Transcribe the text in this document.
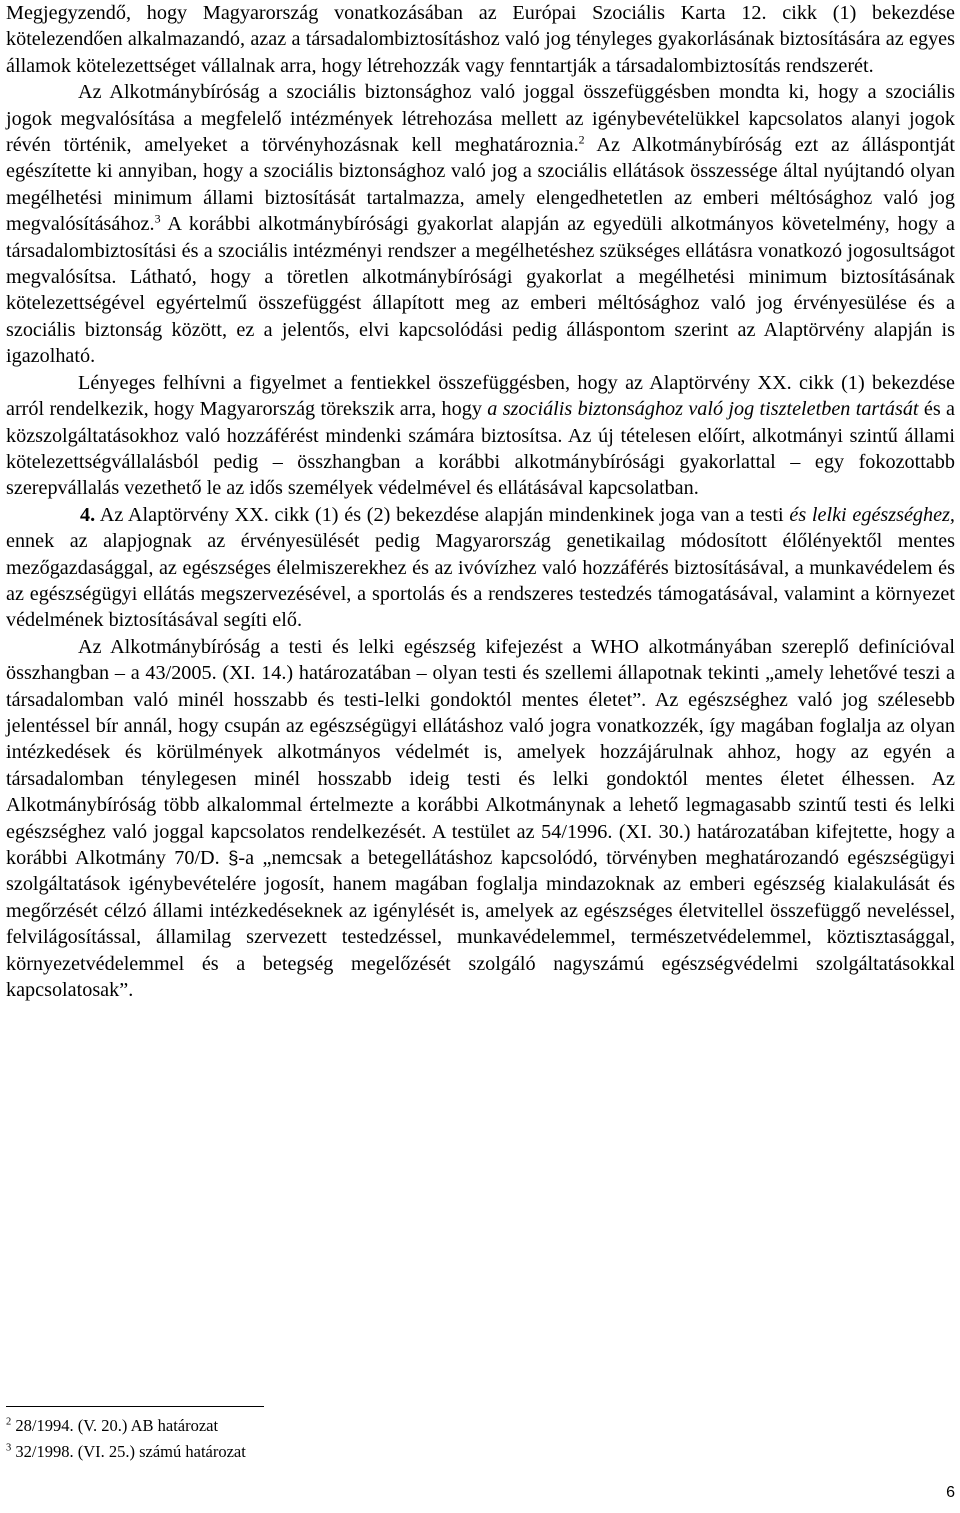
Megjegyzendő, hogy Magyarország vonatkozásában az Európai Szociális Karta 12. cikk (1) bekezdése kötelezendően alkalmazandó, azaz a társadalombiztosításhoz való jog tényleges gyakorlásának biztosítására az egyes államok kötelezettséget vállalnak arra, hogy létrehozzák vagy fenntartják a társadalombiztosítás rendszerét.

Az Alkotmánybíróság a szociális biztonsághoz való joggal összefüggésben mondta ki, hogy a szociális jogok megvalósítása a megfelelő intézmények létrehozása mellett az igénybevételükkel kapcsolatos alanyi jogok révén történik, amelyeket a törvényhozásnak kell meghatároznia.$^2$ Az Alkotmánybíróság ezt az álláspontját egészítette ki annyiban, hogy a szociális biztonsághoz való jog a szociális ellátások összessége által nyújtandó olyan megélhetési minimum állami biztosítását tartalmazza, amely elengedhetetlen az emberi méltósághoz való jog megvalósításához.$^3$ A korábbi alkotmánybírósági gyakorlat alapján az egyedüli alkotmányos követelmény, hogy a társadalombiztosítási és a szociális intézményi rendszer a megélhetéshez szükséges ellátásra vonatkozó jogosultságot megvalósítsa. Látható, hogy a töretlen alkotmánybírósági gyakorlat a megélhetési minimum biztosításának kötelezettségével egyértelmű összefüggést állapított meg az emberi méltósághoz való jog érvényesülése és a szociális biztonság között, ez a jelentős, elvi kapcsolódási pedig álláspontom szerint az Alaptörvény alapján is igazolható.

Lényeges felhívni a figyelmet a fentiekkel összefüggésben, hogy az Alaptörvény XX. cikk (1) bekezdése arról rendelkezik, hogy Magyarország törekszik arra, hogy a szociális biztonsághoz való jog tiszteletben tartását és a közszolgáltatásokhoz való hozzáférést mindenki számára biztosítsa. Az új tételesen előírt, alkotmányi szintű állami kötelezettségvállalásból pedig – összhangban a korábbi alkotmánybírósági gyakorlattal – egy fokozottabb szerepvállalás vezethető le az idős személyek védelmével és ellátásával kapcsolatban.

4. Az Alaptörvény XX. cikk (1) és (2) bekezdése alapján mindenkinek joga van a testi és lelki egészséghez, ennek az alapjognak az érvényesülését pedig Magyarország genetikailag módosított élőlényektől mentes mezőgazdasággal, az egészséges élelmiszerekhez és az ivóvízhez való hozzáférés biztosításával, a munkavédelem és az egészségügyi ellátás megszervezésével, a sportolás és a rendszeres testedzés támogatásával, valamint a környezet védelmének biztosításával segíti elő.

Az Alkotmánybíróság a testi és lelki egészség kifejezést a WHO alkotmányában szereplő definícióval összhangban – a 43/2005. (XI. 14.) határozatában – olyan testi és szellemi állapotnak tekinti „amely lehetővé teszi a társadalomban való minél hosszabb és testi-lelki gondoktól mentes életet”. Az egészséghez való jog szélesebb jelentéssel bír annál, hogy csupán az egészségügyi ellátáshoz való jogra vonatkozzék, így magában foglalja az olyan intézkedések és körülmények alkotmányos védelmét is, amelyek hozzájárulnak ahhoz, hogy az egyén a társadalomban ténylegesen minél hosszabb ideig testi és lelki gondoktól mentes életet élhessen. Az Alkotmánybíróság több alkalommal értelmezte a korábbi Alkotmánynak a lehető legmagasabb szintű testi és lelki egészséghez való joggal kapcsolatos rendelkezését. A testület az 54/1996. (XI. 30.) határozatában kifejtette, hogy a korábbi Alkotmány 70/D. §-a „nemcsak a betegellátáshoz kapcsolódó, törvényben meghatározandó egészségügyi szolgáltatások igénybevételére jogosít, hanem magában foglalja mindazoknak az emberi egészség kialakulását és megőrzését célzó állami intézkedéseknek az igénylését is, amelyek az egészséges életvitellel összefüggő neveléssel, felvilágosítással, államilag szervezett testedzéssel, munkavédelemmel, természetvédelemmel, köztisztasággal, környezetvédelemmel és a betegség megelőzését szolgáló nagyszámú egészségvédelmi szolgáltatásokkal kapcsolatosak”.

$^2$ 28/1994. (V. 20.) AB határozat

$^3$ 32/1998. (VI. 25.) számú határozat

6
